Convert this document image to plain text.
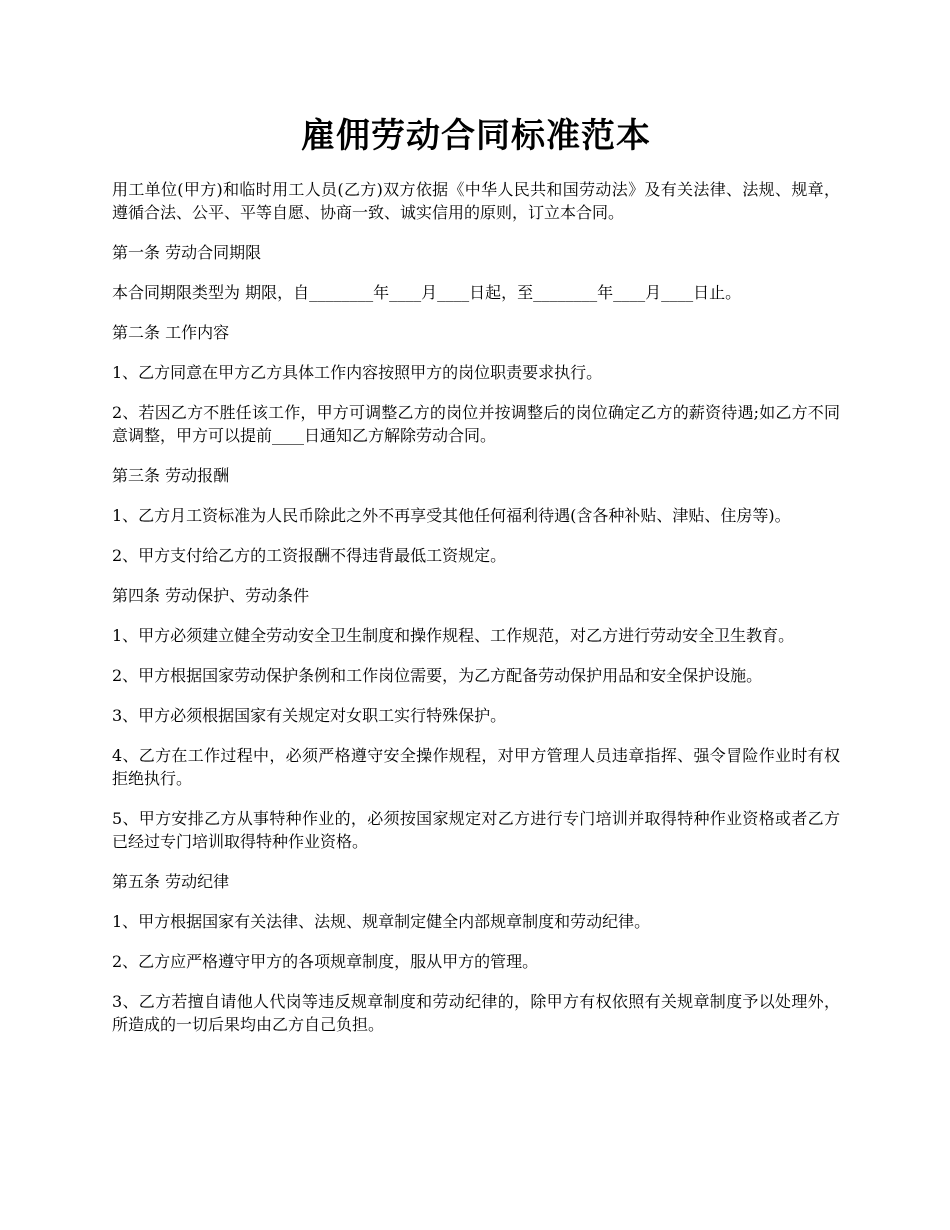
雇佣劳动合同标准范本

用工单位(甲方)和临时用工人员(乙方)双方依据《中华人民共和国劳动法》及有关法律、法规、规章，遵循合法、公平、平等自愿、协商一致、诚实信用的原则，订立本合同。

第一条 劳动合同期限

本合同期限类型为 期限，自________年____月____日起，至________年____月____日止。

第二条 工作内容

1、乙方同意在甲方乙方具体工作内容按照甲方的岗位职责要求执行。

2、若因乙方不胜任该工作，甲方可调整乙方的岗位并按调整后的岗位确定乙方的薪资待遇;如乙方不同意调整，甲方可以提前____日通知乙方解除劳动合同。

第三条 劳动报酬

1、乙方月工资标准为人民币除此之外不再享受其他任何福利待遇(含各种补贴、津贴、住房等)。

2、甲方支付给乙方的工资报酬不得违背最低工资规定。

第四条 劳动保护、劳动条件

1、甲方必须建立健全劳动安全卫生制度和操作规程、工作规范，对乙方进行劳动安全卫生教育。

2、甲方根据国家劳动保护条例和工作岗位需要，为乙方配备劳动保护用品和安全保护设施。

3、甲方必须根据国家有关规定对女职工实行特殊保护。

4、乙方在工作过程中，必须严格遵守安全操作规程，对甲方管理人员违章指挥、强令冒险作业时有权拒绝执行。

5、甲方安排乙方从事特种作业的，必须按国家规定对乙方进行专门培训并取得特种作业资格或者乙方已经过专门培训取得特种作业资格。

第五条 劳动纪律

1、甲方根据国家有关法律、法规、规章制定健全内部规章制度和劳动纪律。

2、乙方应严格遵守甲方的各项规章制度，服从甲方的管理。

3、乙方若擅自请他人代岗等违反规章制度和劳动纪律的，除甲方有权依照有关规章制度予以处理外，所造成的一切后果均由乙方自己负担。
